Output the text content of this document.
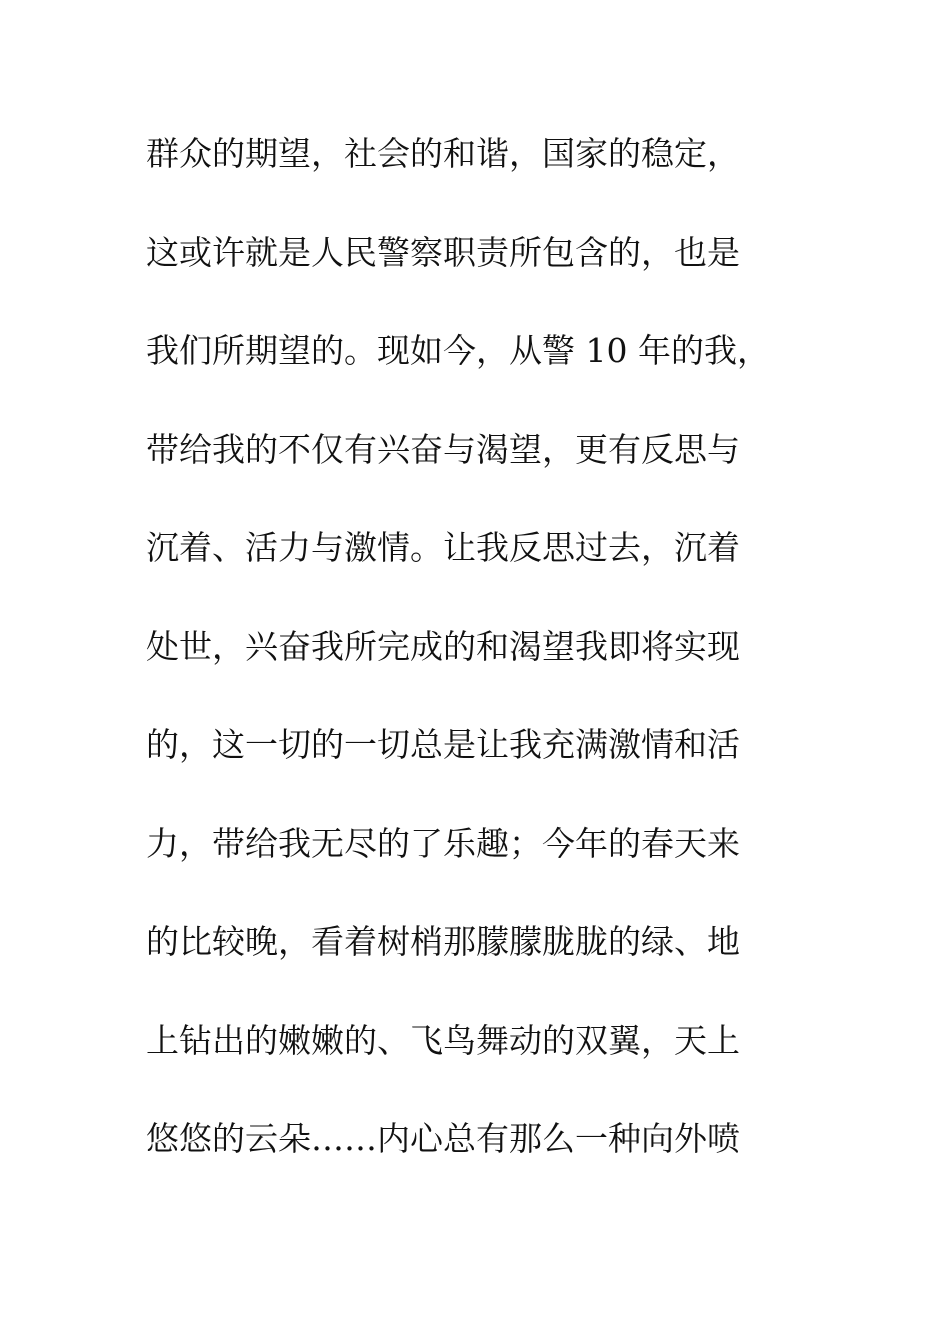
群众的期望，社会的和谐，国家的稳定，
这或许就是人民警察职责所包含的，也是
我们所期望的。现如今，从警 10 年的我，
带给我的不仅有兴奋与渴望，更有反思与
沉着、活力与激情。让我反思过去，沉着
处世，兴奋我所完成的和渴望我即将实现
的，这一切的一切总是让我充满激情和活
力，带给我无尽的了乐趣；今年的春天来
的比较晚，看着树梢那朦朦胧胧的绿、地
上钻出的嫩嫩的、飞鸟舞动的双翼，天上
悠悠的云朵……内心总有那么一种向外喷
